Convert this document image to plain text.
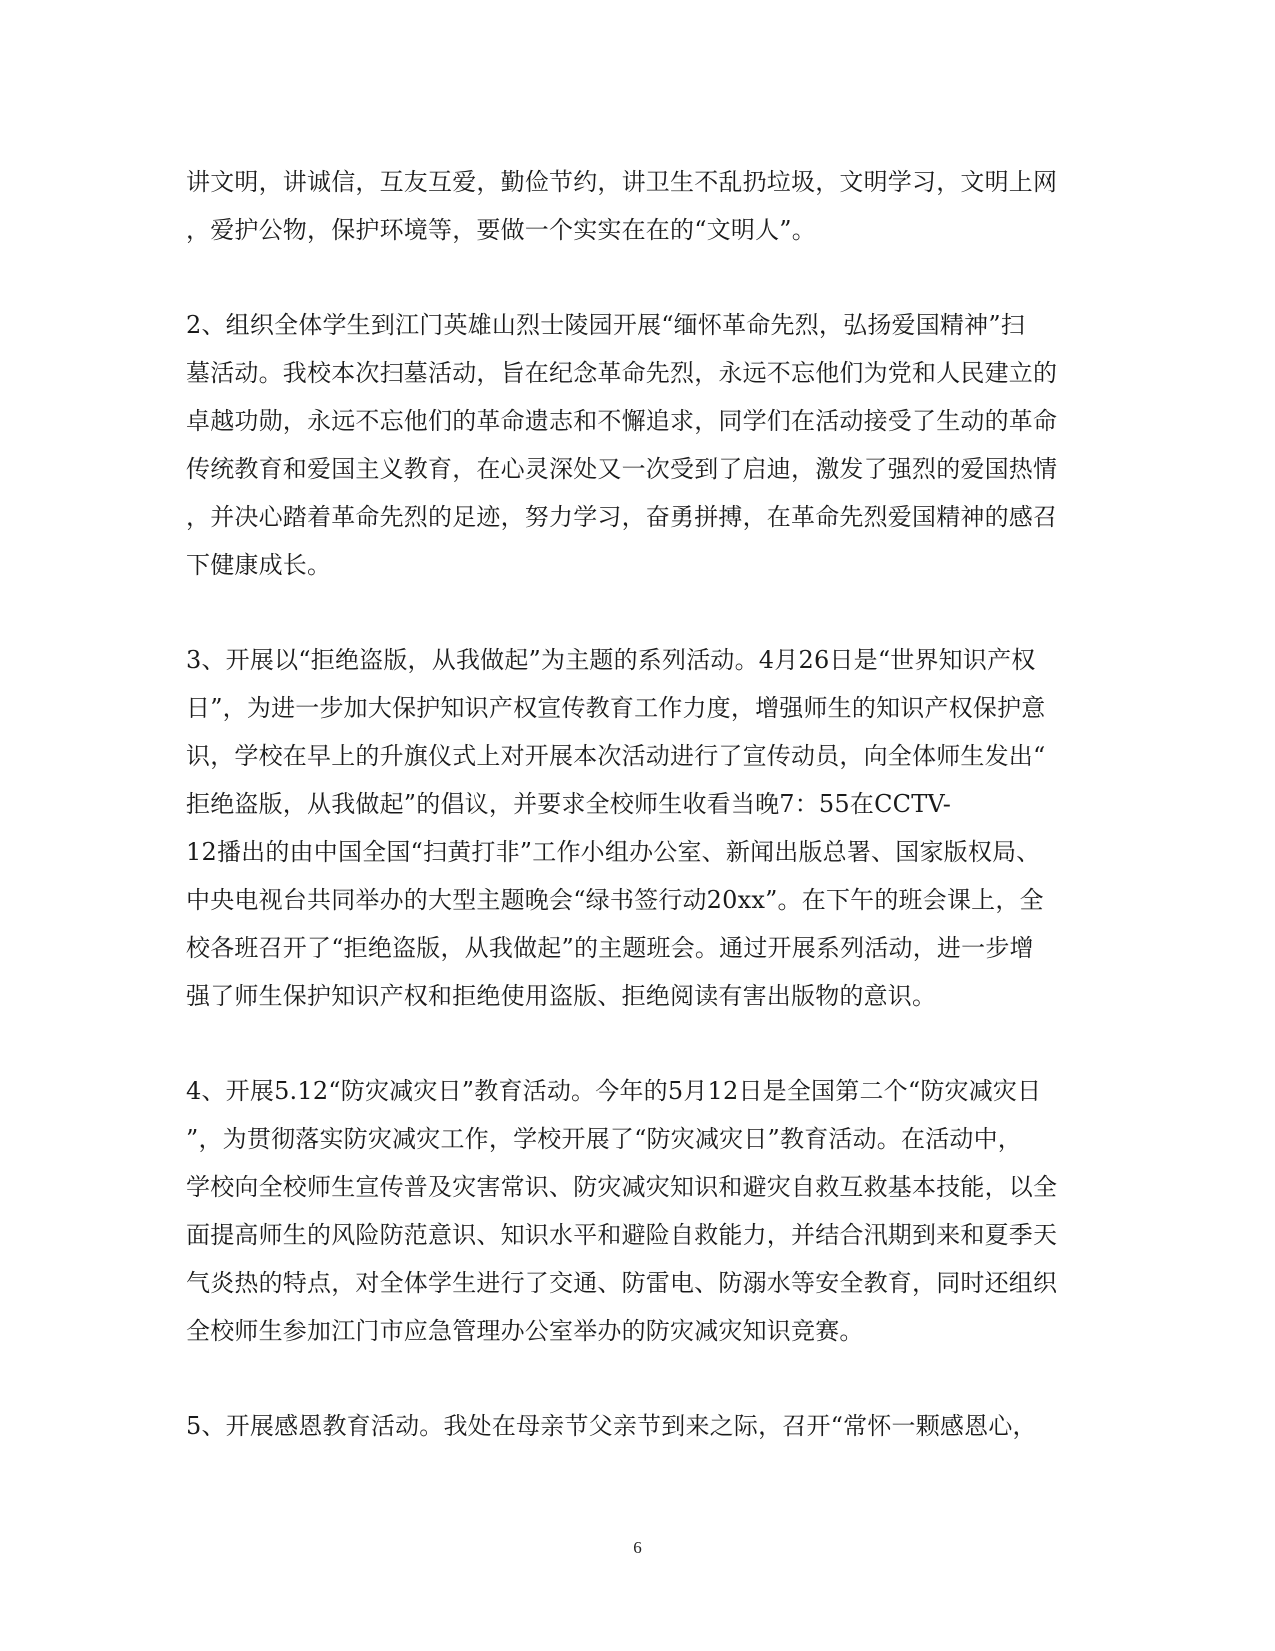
讲文明，讲诚信，互友互爱，勤俭节约，讲卫生不乱扔垃圾，文明学习，文明上网
，爱护公物，保护环境等，要做一个实实在在的“文明人”。
2、组织全体学生到江门英雄山烈士陵园开展“缅怀革命先烈，弘扬爱国精神”扫
墓活动。我校本次扫墓活动，旨在纪念革命先烈，永远不忘他们为党和人民建立的
卓越功勋，永远不忘他们的革命遗志和不懈追求，同学们在活动接受了生动的革命
传统教育和爱国主义教育，在心灵深处又一次受到了启迪，激发了强烈的爱国热情
，并决心踏着革命先烈的足迹，努力学习，奋勇拼搏，在革命先烈爱国精神的感召
下健康成长。
3、开展以“拒绝盗版，从我做起”为主题的系列活动。4月26日是“世界知识产权
日”，为进一步加大保护知识产权宣传教育工作力度，增强师生的知识产权保护意
识，学校在早上的升旗仪式上对开展本次活动进行了宣传动员，向全体师生发出“
拒绝盗版，从我做起”的倡议，并要求全校师生收看当晚7：55在CCTV-
12播出的由中国全国“扫黄打非”工作小组办公室、新闻出版总署、国家版权局、
中央电视台共同举办的大型主题晚会“绿书签行动20xx”。在下午的班会课上，全
校各班召开了“拒绝盗版，从我做起”的主题班会。通过开展系列活动，进一步增
强了师生保护知识产权和拒绝使用盗版、拒绝阅读有害出版物的意识。
4、开展5.12“防灾减灾日”教育活动。今年的5月12日是全国第二个“防灾减灾日
”，为贯彻落实防灾减灾工作，学校开展了“防灾减灾日”教育活动。在活动中，
学校向全校师生宣传普及灾害常识、防灾减灾知识和避灾自救互救基本技能，以全
面提高师生的风险防范意识、知识水平和避险自救能力，并结合汛期到来和夏季天
气炎热的特点，对全体学生进行了交通、防雷电、防溺水等安全教育，同时还组织
全校师生参加江门市应急管理办公室举办的防灾减灾知识竞赛。
5、开展感恩教育活动。我处在母亲节父亲节到来之际，召开“常怀一颗感恩心，
6
